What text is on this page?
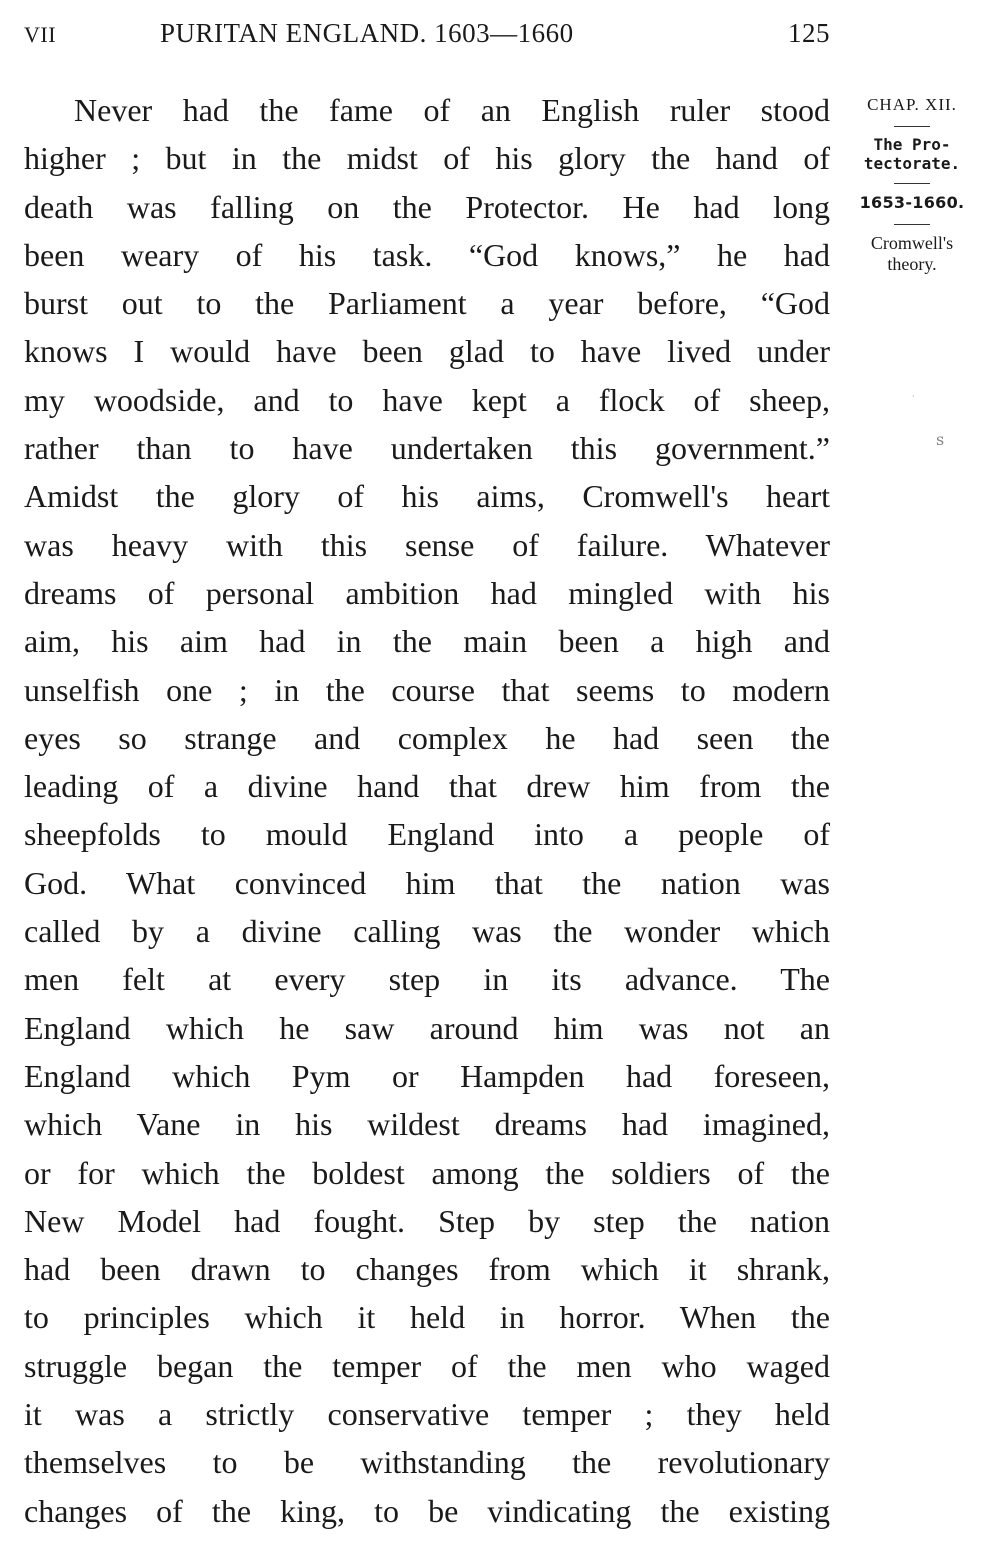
VII	PURITAN ENGLAND. 1603—1660	125
Never had the fame of an English ruler stood
higher ; but in the midst of his glory the hand of
death was falling on the Protector. He had long
been weary of his task. “God knows,” he had
burst out to the Parliament a year before, “God
knows I would have been glad to have lived under
my woodside, and to have kept a flock of sheep,
rather than to have undertaken this government.”
Amidst the glory of his aims, Cromwell's heart
was heavy with this sense of failure. Whatever
dreams of personal ambition had mingled with his
aim, his aim had in the main been a high and
unselfish one ; in the course that seems to modern
eyes so strange and complex he had seen the
leading of a divine hand that drew him from the
sheepfolds to mould England into a people of
God. What convinced him that the nation was
called by a divine calling was the wonder which
men felt at every step in its advance. The
England which he saw around him was not an
England which Pym or Hampden had foreseen,
which Vane in his wildest dreams had imagined,
or for which the boldest among the soldiers of the
New Model had fought. Step by step the nation
had been drawn to changes from which it shrank,
to principles which it held in horror. When the
struggle began the temper of the men who waged
it was a strictly conservative temper ; they held
themselves to be withstanding the revolutionary
changes of the king, to be vindicating the existing
CHAP. XII.
The Pro-
tectorate.
1653-1660.
Cromwell's
theory.
ꜱ
·
